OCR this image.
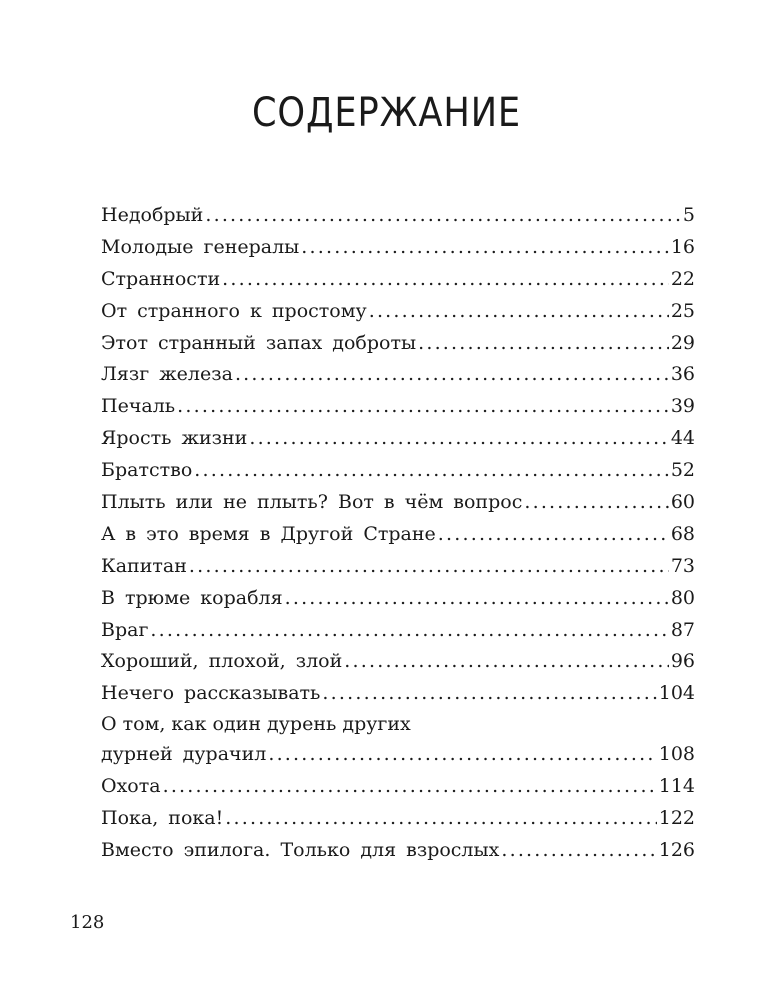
СОДЕРЖАНИЕ
Недобрый .....	5
Молодые генералы .....	16
Странности .....	22
От странного к простому .....	25
Этот странный запах доброты .....	29
Лязг железа .....	36
Печаль .....	39
Ярость жизни .....	44
Братство .....	52
Плыть или не плыть? Вот в чём вопрос .....	60
А в это время в Другой Стране .....	68
Капитан .....	73
В трюме корабля .....	80
Враг .....	87
Хороший, плохой, злой .....	96
Нечего рассказывать .....	104
О том, как один дурень других
дурней дурачил .....	108
Охота .....	114
Пока, пока! .....	122
Вместо эпилога. Только для взрослых .....	126
128
